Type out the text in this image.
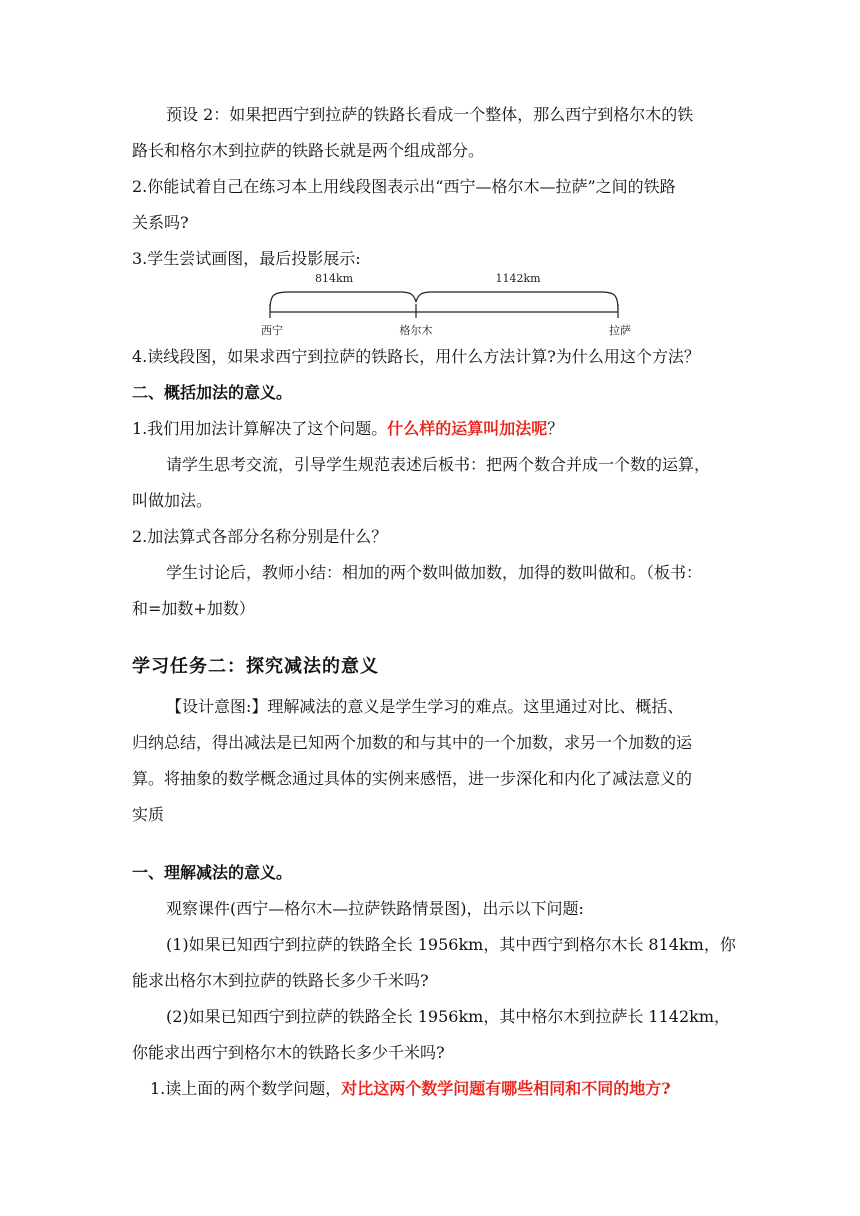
预设 2：如果把西宁到拉萨的铁路长看成一个整体，那么西宁到格尔木的铁
路长和格尔木到拉萨的铁路长就是两个组成部分。
2.你能试着自己在练习本上用线段图表示出“西宁—格尔木—拉萨”之间的铁路
关系吗?
3.学生尝试画图，最后投影展示:
814km	1142km
西宁	格尔木	拉萨
4.读线段图，如果求西宁到拉萨的铁路长，用什么方法计算?为什么用这个方法？
二、概括加法的意义。
1.我们用加法计算解决了这个问题。什么样的运算叫加法呢？
请学生思考交流，引导学生规范表述后板书：把两个数合并成一个数的运算，
叫做加法。
2.加法算式各部分名称分别是什么？
学生讨论后，教师小结：相加的两个数叫做加数，加得的数叫做和。（板书：
和=加数+加数）
学习任务二：探究减法的意义
【设计意图:】理解减法的意义是学生学习的难点。这里通过对比、概括、
归纳总结，得出减法是已知两个加数的和与其中的一个加数，求另一个加数的运
算。将抽象的数学概念通过具体的实例来感悟，进一步深化和内化了减法意义的
实质
一、理解减法的意义。
观察课件(西宁—格尔木—拉萨铁路情景图)，出示以下问题:
(1)如果已知西宁到拉萨的铁路全长 1956km，其中西宁到格尔木长 814km，你
能求出格尔木到拉萨的铁路长多少千米吗?
(2)如果已知西宁到拉萨的铁路全长 1956km，其中格尔木到拉萨长 1142km，
你能求出西宁到格尔木的铁路长多少千米吗?
1.读上面的两个数学问题，对比这两个数学问题有哪些相同和不同的地方?
